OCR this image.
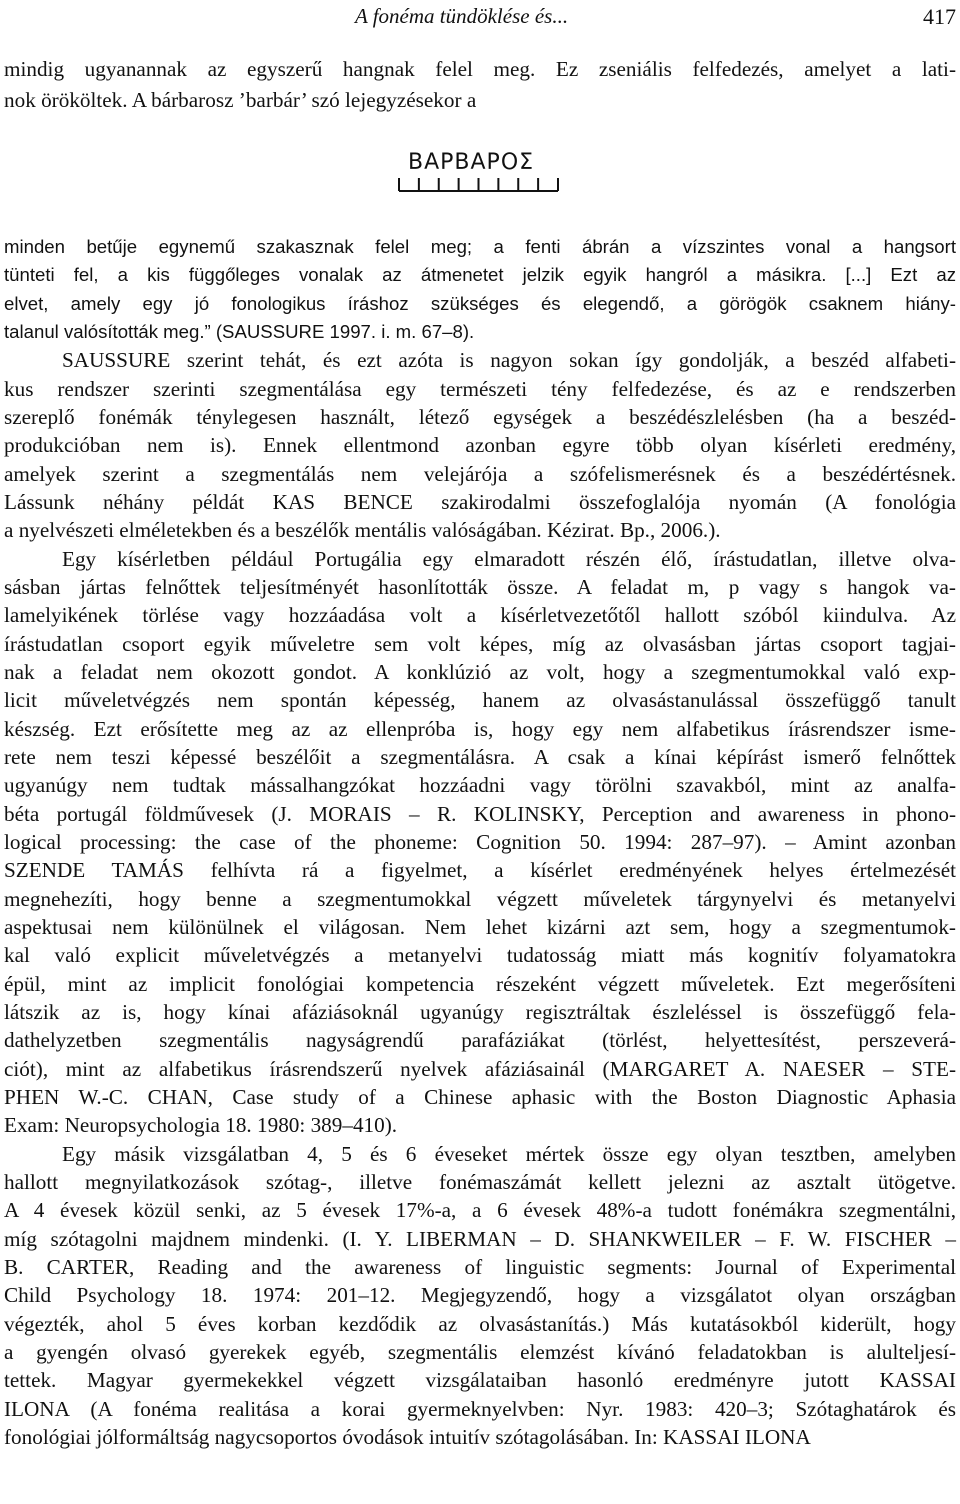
A fonéma tündöklése és...	417
ΒΑΡΒΑΡΟΣ
mindig ugyanannak az egyszerű hangnak felel meg. Ez zseniális felfedezés, amelyet a lati-
nok örököltek. A bárbarosz ’barbár’ szó lejegyzésekor a
minden betűje egynemű szakasznak felel meg; a fenti ábrán a vízszintes vonal a hangsort
tünteti fel, a kis függőleges vonalak az átmenetet jelzik egyik hangról a másikra. [...] Ezt az
elvet, amely egy jó fonologikus íráshoz szükséges és elegendő, a görögök csaknem hiány-
talanul valósították meg.” (SAUSSURE 1997. i. m. 67–8).
SAUSSURE szerint tehát, és ezt azóta is nagyon sokan így gondolják, a beszéd alfabeti-
kus rendszer szerinti szegmentálása egy természeti tény felfedezése, és az e rendszerben
szereplő fonémák ténylegesen használt, létező egységek a beszédészlelésben (ha a beszéd-
produkcióban nem is). Ennek ellentmond azonban egyre több olyan kísérleti eredmény,
amelyek szerint a szegmentálás nem velejárója a szófelismerésnek és a beszédértésnek.
Lássunk néhány példát KAS BENCE szakirodalmi összefoglalója nyomán (A fonológia
a nyelvészeti elméletekben és a beszélők mentális valóságában. Kézirat. Bp., 2006.).
Egy kísérletben például Portugália egy elmaradott részén élő, írástudatlan, illetve olva-
sásban jártas felnőttek teljesítményét hasonlították össze. A feladat m, p vagy s hangok va-
lamelyikének törlése vagy hozzáadása volt a kísérletvezetőtől hallott szóból kiindulva. Az
írástudatlan csoport egyik műveletre sem volt képes, míg az olvasásban jártas csoport tagjai-
nak a feladat nem okozott gondot. A konklúzió az volt, hogy a szegmentumokkal való exp-
licit műveletvégzés nem spontán képesség, hanem az olvasástanulással összefüggő tanult
készség. Ezt erősítette meg az az ellenpróba is, hogy egy nem alfabetikus írásrendszer isme-
rete nem teszi képessé beszélőit a szegmentálásra. A csak a kínai képírást ismerő felnőttek
ugyanúgy nem tudtak mássalhangzókat hozzáadni vagy törölni szavakból, mint az analfa-
béta portugál földművesek (J. MORAIS – R. KOLINSKY, Perception and awareness in phono-
logical processing: the case of the phoneme: Cognition 50. 1994: 287–97). – Amint azonban
SZENDE TAMÁS felhívta rá a figyelmet, a kísérlet eredményének helyes értelmezését
megnehezíti, hogy benne a szegmentumokkal végzett műveletek tárgynyelvi és metanyelvi
aspektusai nem különülnek el világosan. Nem lehet kizárni azt sem, hogy a szegmentumok-
kal való explicit műveletvégzés a metanyelvi tudatosság miatt más kognitív folyamatokra
épül, mint az implicit fonológiai kompetencia részeként végzett műveletek. Ezt megerősíteni
látszik az is, hogy kínai afáziásoknál ugyanúgy regisztráltak észleléssel is összefüggő fela-
dathelyzetben szegmentális nagyságrendű parafáziákat (törlést, helyettesítést, perszeverá-
ciót), mint az alfabetikus írásrendszerű nyelvek afáziásainál (MARGARET A. NAESER – STE-
PHEN W.-C. CHAN, Case study of a Chinese aphasic with the Boston Diagnostic Aphasia
Exam: Neuropsychologia 18. 1980: 389–410).
Egy másik vizsgálatban 4, 5 és 6 éveseket mértek össze egy olyan tesztben, amelyben
hallott megnyilatkozások szótag-, illetve fonémaszámát kellett jelezni az asztalt ütögetve.
A 4 évesek közül senki, az 5 évesek 17%-a, a 6 évesek 48%-a tudott fonémákra szegmentálni,
míg szótagolni majdnem mindenki. (I. Y. LIBERMAN – D. SHANKWEILER – F. W. FISCHER –
B. CARTER, Reading and the awareness of linguistic segments: Journal of Experimental
Child Psychology 18. 1974: 201–12. Megjegyzendő, hogy a vizsgálatot olyan országban
végezték, ahol 5 éves korban kezdődik az olvasástanítás.) Más kutatásokból kiderült, hogy
a gyengén olvasó gyerekek egyéb, szegmentális elemzést kívánó feladatokban is alulteljesí-
tettek. Magyar gyermekekkel végzett vizsgálataiban hasonló eredményre jutott KASSAI
ILONA (A fonéma realitása a korai gyermeknyelvben: Nyr. 1983: 420–3; Szótaghatárok és
fonológiai jólformáltság nagycsoportos óvodások intuitív szótagolásában. In: KASSAI ILONA
